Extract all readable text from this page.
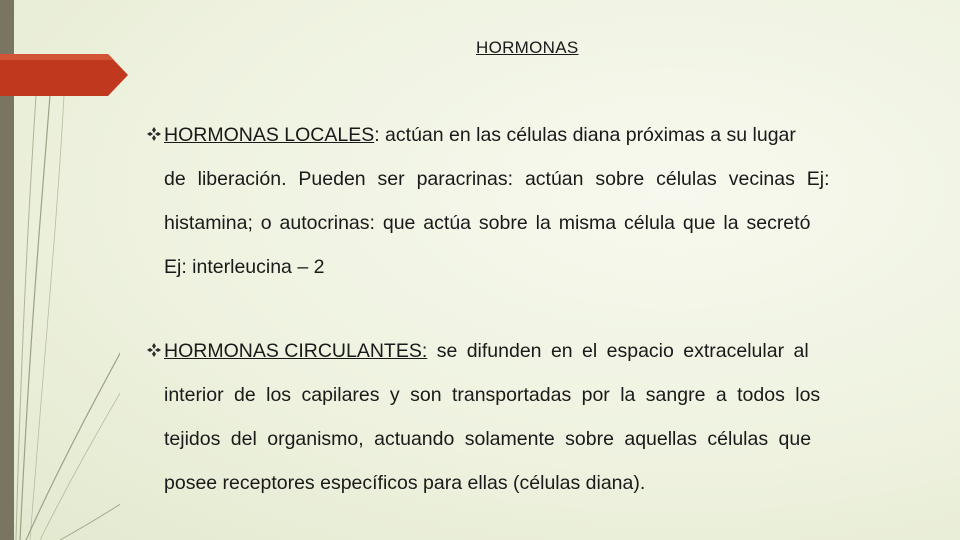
HORMONAS
HORMONAS LOCALES: actúan en las células diana próximas a su lugar
de liberación. Pueden ser paracrinas: actúan sobre células vecinas Ej:
histamina; o autocrinas: que actúa sobre la misma célula que la secretó
Ej: interleucina – 2
HORMONAS CIRCULANTES: se difunden en el espacio extracelular al
interior de los capilares y son transportadas por la sangre a todos los
tejidos del organismo, actuando solamente sobre aquellas células que
posee receptores específicos para ellas (células diana).
